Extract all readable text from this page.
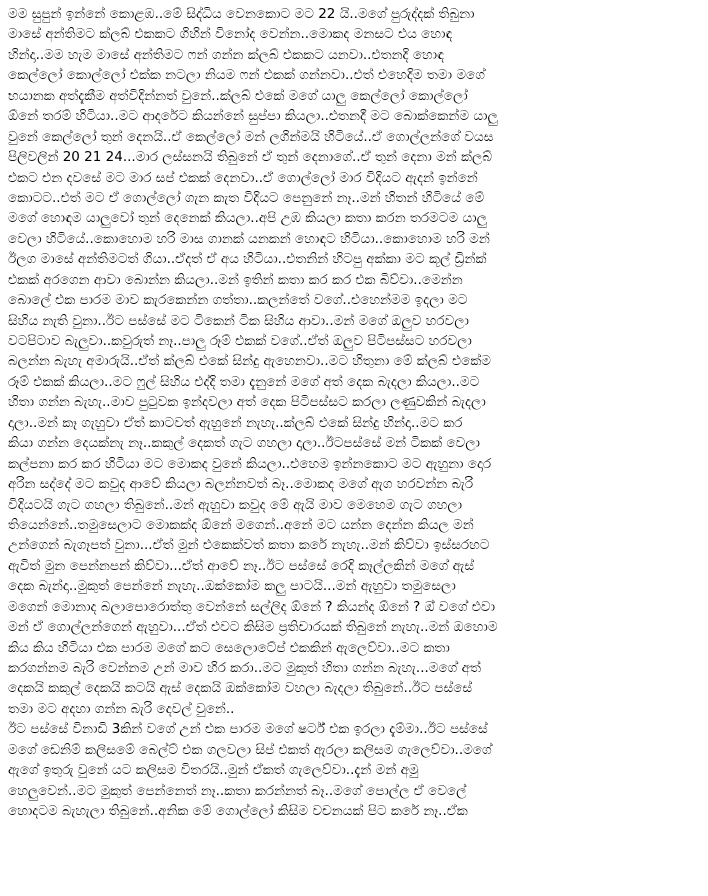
මම සුපුන් ඉන්නේ කොළඹ..මේ සිද්ධිය වෙනකොට මට 22 යි..මගේ පුරුද්දක් තිබුනා
මාසේ අන්තිමට ක්ලබ් එකකට ගිහින් විනෝද වෙන්න..මොකද මනසට එය හොඳ
හින්දා..මම හැම මාසේ අන්තිමට ෆන් ගන්න ක්ලබ් එකකට යනවා..එතනදි හොඳ
කෙල්ලෝ කොල්ලෝ එක්ක නටලා නියම ෆන් එකක් ගන්නවා..එත් එහෙදිම තමා මගේ
භයානක අත්දැකීම අත්විදින්නත් වුනේ..ක්ලබ් එකේ මගේ යාලු කෙල්ලෝ කොල්ලෝ
ඕනේ තරම් හිටියා..මට ආදරේට කියන්නේ සුප්පා කියලා..එතනදී මට බොක්කෙන්ම යාලු
වුනේ කෙල්ලෝ තුන් දෙනයි..ඒ කෙල්ලෝ මන් ලගින්මයි හිටියේ..ඒ ගොල්ලන්ගේ වයස
පිලිවලින් 20 21 24...මාර ලස්සනයි තිබුනේ ඒ තුන් දෙනාගේ..ඒ තුන් දෙනා මන් ක්ලබ්
එකට එන දවසේ මට මාර සප් එකක් දෙනවා..ඒ ගොල්ලෝ මාර විදියට ඇදන් ඉන්නේ
කොටට..එත් මට ඒ ගොල්ලෝ ගැන කැත විදියට පෙනුනේ නෑ..මන් හිතන් හිටියේ මේ
මගේ හොඳම යාලුවෝ තුන් දෙනෙක් කියලා..අපි උඹ කියලා කතා කරන තරමටම යාලු
වෙලා හිටියේ..කොහොම හරි මාස ගානක් යනකන් හොඳට හිටියා..කොහොම හරි මන්
ඊලග මාසේ අන්තිමටත් ගියා..ඒදත් ඒ අය හිටියා..එතනින් හිටපු අක්කා මට කූල් ඩ්‍රින්ක්
එකක් අරගෙන ආවා බොන්න කියලා..මන් ඉතින් කතා කර කර එක බිව්වා..මෙන්න
බොලේ එක පාරම මාව කැරකෙන්න ගත්තා..කලන්තේ වගේ..එහෙන්මම ඉදලා මට
සිහිය නැති වුනා..ඊට පස්සේ මට ටිකෙන් ටික සිහිය ආවා..මන් මගේ ඔලුව හරවලා
වටපිටාව බැලුවා..කවුරුත් නෑ..පාලු රූම් එකක් වගේ..ඒත් ඔලුව පිටිපස්සට හරවලා
බලන්න බැහැ අමාරුයි..ඒත් ක්ලබ් එකේ සින්දු ඇහෙනවා..මට හිතුනා මේ ක්ලබ් එකේම
රූම් එකක් කියලා..මට ෆුල් සිහිය එද්දි තමා දැනුනේ මගේ අත් දෙක බැදලා කියලා..මට
හිතා ගන්න බැහැ..මාව පුටුවක ඉන්දවලා අත් දෙක පිටිපස්සට කරලා ලණුවකින් බැදලා
දාලා..මන් කෑ ගැහුවා ඒත් කාටවත් ඇහුනේ නැහැ..ක්ලබ් එකේ සින්දු හින්දා..මට කර
කියා ගන්න දෙයක්නැ නෑ..කකුල් දෙකත් ගැට ගහලා දාලා..ඊටපස්සේ මන් ටිකක් වෙලා
කල්පනා කර කර හිටියා මට මොකද වුනේ කියලා..එහෙම ඉන්නකොට මට ඇහුනා දොර
අරින සද්දේ මට කවුද ආවේ කියලා බලන්නවත් බෑ..මොකද මගේ ඇග හරවන්න බැරි
විදියටයි ගැට ගහලා තිබුනේ..මන් ඇහුවා කවුද මේ ඇයි මාව මෙහෙම ගැට ගහලා
තියෙන්නේ..තමුසෙලාට මොකක්ද ඕනේ මගෙන්..අනේ මට යන්න දෙන්න කියල මන්
උන්ගෙන් බැගෑපත් වුනා...ඒත් මුන් එකෙක්වත් කතා කරේ නැහැ..මන් කිව්වා ඉස්සරහට
ඇවිත් මුන පෙන්නපන් කිව්වා...ඒත් ආවේ නෑ..ඊට පස්සේ රෙදි කෑල්ලකින් මගේ ඇස්
දෙක බැන්දා..මුකුත් පෙන්නේ නැහැ..ඔක්කෝම කලු පාටයි...මන් ඇහුවා තමුසෙලා
මගෙන් මොනාද බලාපොරොත්තු වෙන්නේ සල්ලිද ඕනේ ? කියන්ද ඕනේ ? ඔ් වගේ එවා
මන් ඒ ගොල්ලන්ගෙන් ඇහුවා...ඒත් එවට කිසිම ප්‍රතිචාරයක් තිබුනේ නැහැ..මන් ඔහොම
කිය කිය හිටියා එක පාරම මගේ කට සෙලොටේප් එකකින් ඇලෙව්වා..මට කතා
කරගන්නම බැරි වෙන්නම උන් මාව හිර කරා..මට මුකුත් හිතා ගන්න බැහැ...මගේ අත්
දෙකයි කකුල් දෙකයි කටයි ඇස් දෙකයි ඔක්කෝම වහලා බැදලා තිබුනේ..ඊට පස්සේ
තමා මට අදහා ගන්න බැරි දෙවල් වුනේ..
ඊට පස්සේ විනාඩි 3කින් වගේ උන් එක පාරම මගේ ෂර්ට් එක ඉරලා දැම්මා..ඊට පස්සේ
මගේ ඩෙනිම් කලිසමේ බෙල්ට් එක ගලවලා සිප් එකත් ඇරලා කලිසම ගැලෙව්වා..මගේ
ඇගේ ඉතුරු වුනේ යට කලිසම විතරයි..මුන් ඒකත් ගැලෙව්වා..දැන් මන් අමු
හෙලුවෙන්..මට මුකුත් පෙන්නෙත් නෑ..කතා කරන්නත් බෑ..මගේ පොල්ල ඒ වෙලේ
හොදටම බැහැලා තිබුනේ..අනික මේ ගොල්ලෝ කිසිම වචනයක් පිට කරේ නෑ..ඒක
